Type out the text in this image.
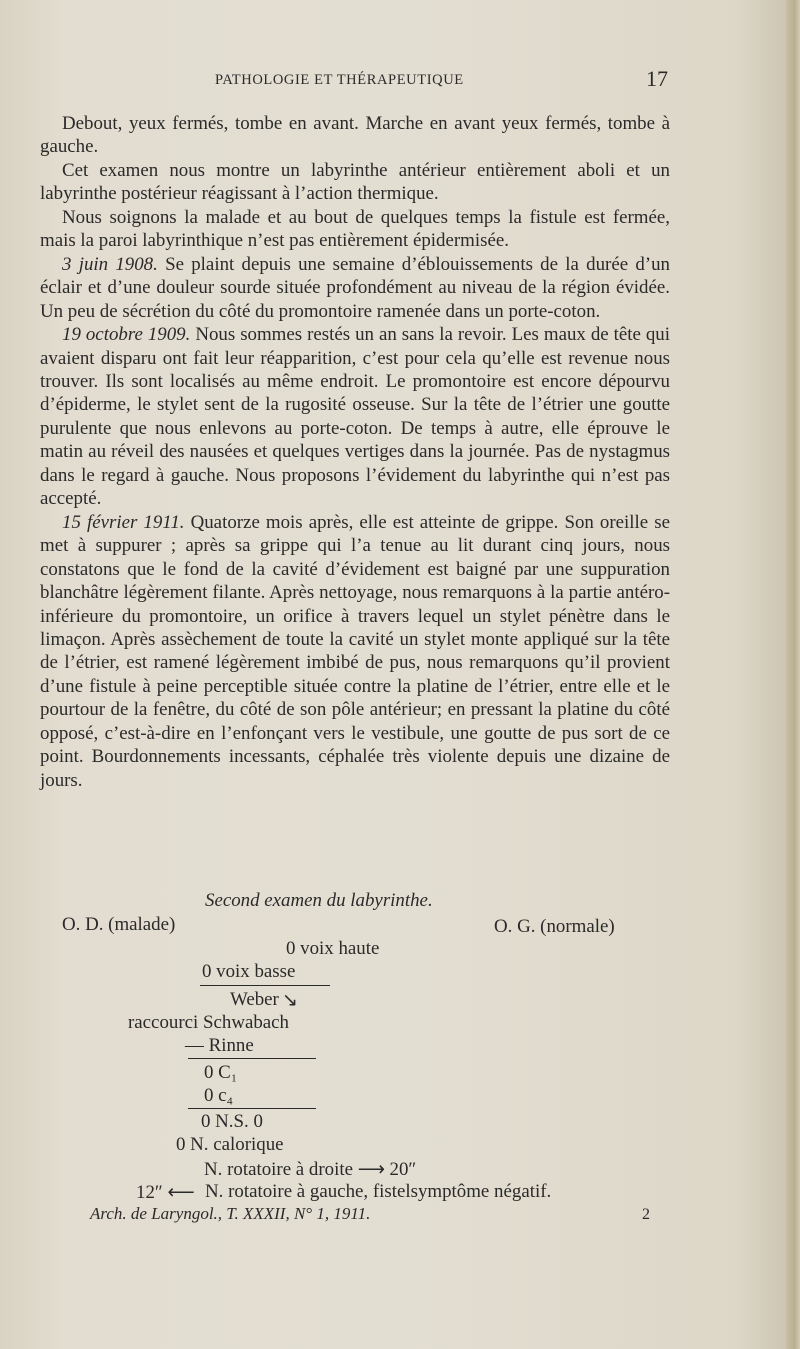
PATHOLOGIE ET THÉRAPEUTIQUE	17

Debout, yeux fermés, tombe en avant. Marche en avant yeux fermés, tombe à gauche.

Cet examen nous montre un labyrinthe antérieur entièrement aboli et un labyrinthe postérieur réagissant à l’action thermique.

Nous soignons la malade et au bout de quelques temps la fistule est fermée, mais la paroi labyrinthique n’est pas entièrement épidermisée.

3 juin 1908. Se plaint depuis une semaine d’éblouissements de la durée d’un éclair et d’une douleur sourde située profondément au niveau de la région évidée. Un peu de sécrétion du côté du promontoire ramenée dans un porte-coton.

19 octobre 1909. Nous sommes restés un an sans la revoir. Les maux de tête qui avaient disparu ont fait leur réapparition, c’est pour cela qu’elle est revenue nous trouver. Ils sont localisés au même endroit. Le promontoire est encore dépourvu d’épiderme, le stylet sent de la rugosité osseuse. Sur la tête de l’étrier une goutte purulente que nous enlevons au porte-coton. De temps à autre, elle éprouve le matin au réveil des nausées et quelques vertiges dans la journée. Pas de nystagmus dans le regard à gauche. Nous proposons l’évidement du labyrinthe qui n’est pas accepté.

15 février 1911. Quatorze mois après, elle est atteinte de grippe. Son oreille se met à suppurer ; après sa grippe qui l’a tenue au lit durant cinq jours, nous constatons que le fond de la cavité d’évidement est baigné par une suppuration blanchâtre légèrement filante. Après nettoyage, nous remarquons à la partie antéro-inférieure du promontoire, un orifice à travers lequel un stylet pénètre dans le limaçon. Après assèchement de toute la cavité un stylet monte appliqué sur la tête de l’étrier, est ramené légèrement imbibé de pus, nous remarquons qu’il provient d’une fistule à peine perceptible située contre la platine de l’étrier, entre elle et le pourtour de la fenêtre, du côté de son pôle antérieur; en pressant la platine du côté opposé, c’est-à-dire en l’enfonçant vers le vestibule, une goutte de pus sort de ce point. Bourdonnements incessants, céphalée très violente depuis une dizaine de jours.

Second examen du labyrinthe.
O. D. (malade)	O. G. (normale)
0 voix haute
0 voix basse
Weber ↘
raccourci Schwabach
— Rinne
0 C₁
0 c₄
0 N.S. 0
0 N. calorique
N. rotatoire à droite ⟶ 20″
12″ ⟵ N. rotatoire à gauche, fistelsymptôme négatif.
Arch. de Laryngol., T. XXXII, N° 1, 1911.	2
